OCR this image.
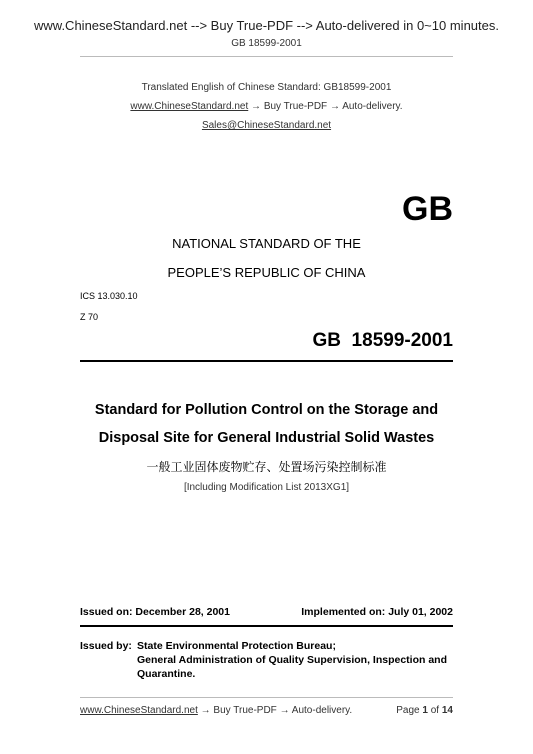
www.ChineseStandard.net --> Buy True-PDF --> Auto-delivered in 0~10 minutes.
GB 18599-2001
Translated English of Chinese Standard: GB18599-2001
www.ChineseStandard.net → Buy True-PDF → Auto-delivery.
Sales@ChineseStandard.net
GB
NATIONAL STANDARD OF THE
PEOPLE’S REPUBLIC OF CHINA
ICS 13.030.10
Z 70
GB  18599-2001
Standard for Pollution Control on the Storage and
Disposal Site for General Industrial Solid Wastes
一般工业固体废物贮存、处置场污染控制标准
[Including Modification List 2013XG1]
Issued on: December 28, 2001	Implemented on: July 01, 2002
Issued by: State Environmental Protection Bureau;
General Administration of Quality Supervision, Inspection and
Quarantine.
www.ChineseStandard.net → Buy True-PDF → Auto-delivery.	Page 1 of 14
